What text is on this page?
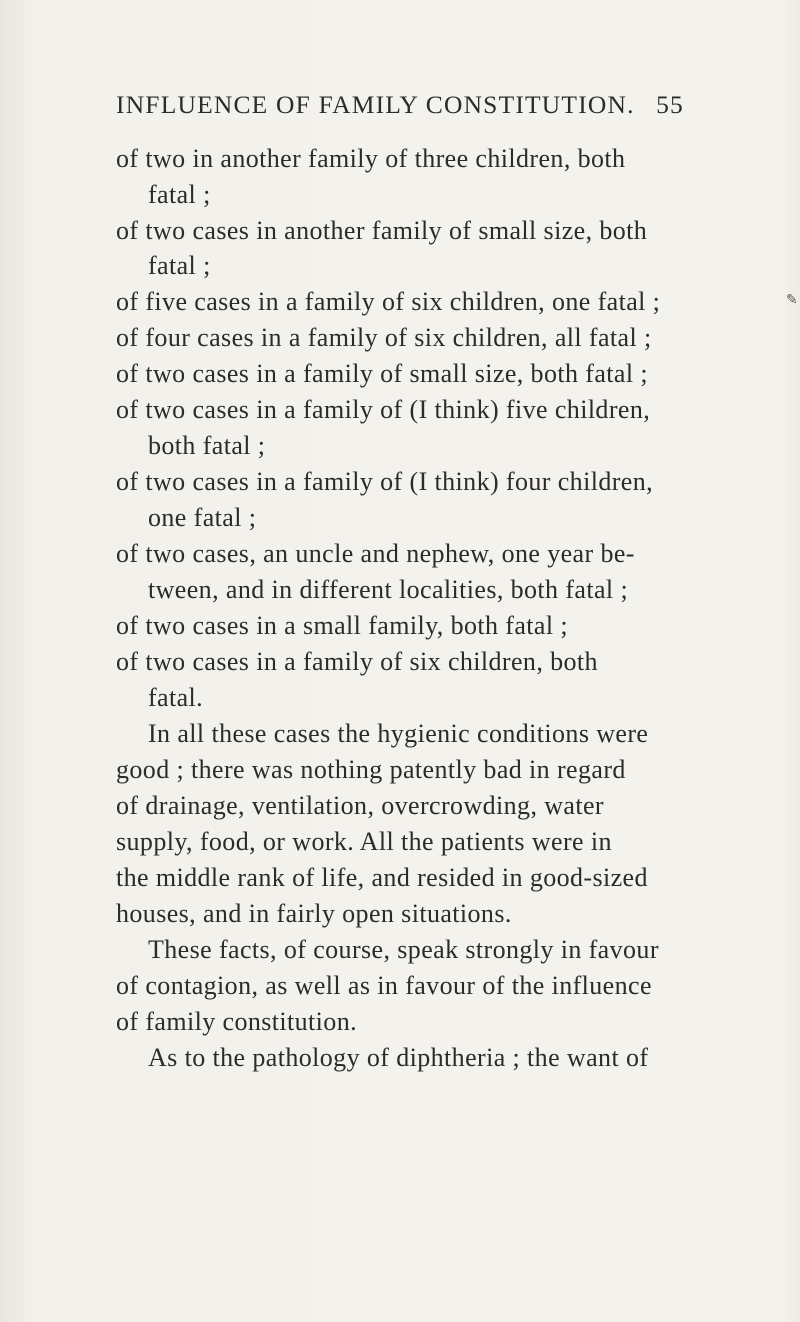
INFLUENCE OF FAMILY CONSTITUTION. 55
of two in another family of three children, both
fatal ;
of two cases in another family of small size, both
fatal ;
of five cases in a family of six children, one fatal ;
of four cases in a family of six children, all fatal ;
of two cases in a family of small size, both fatal ;
of two cases in a family of (I think) five children,
both fatal ;
of two cases in a family of (I think) four children,
one fatal ;
of two cases, an uncle and nephew, one year be-
tween, and in different localities, both fatal ;
of two cases in a small family, both fatal ;
of two cases in a family of six children, both
fatal.
In all these cases the hygienic conditions were
good ; there was nothing patently bad in regard
of drainage, ventilation, overcrowding, water
supply, food, or work. All the patients were in
the middle rank of life, and resided in good-sized
houses, and in fairly open situations.
These facts, of course, speak strongly in favour
of contagion, as well as in favour of the influence
of family constitution.
As to the pathology of diphtheria ; the want of
✎
